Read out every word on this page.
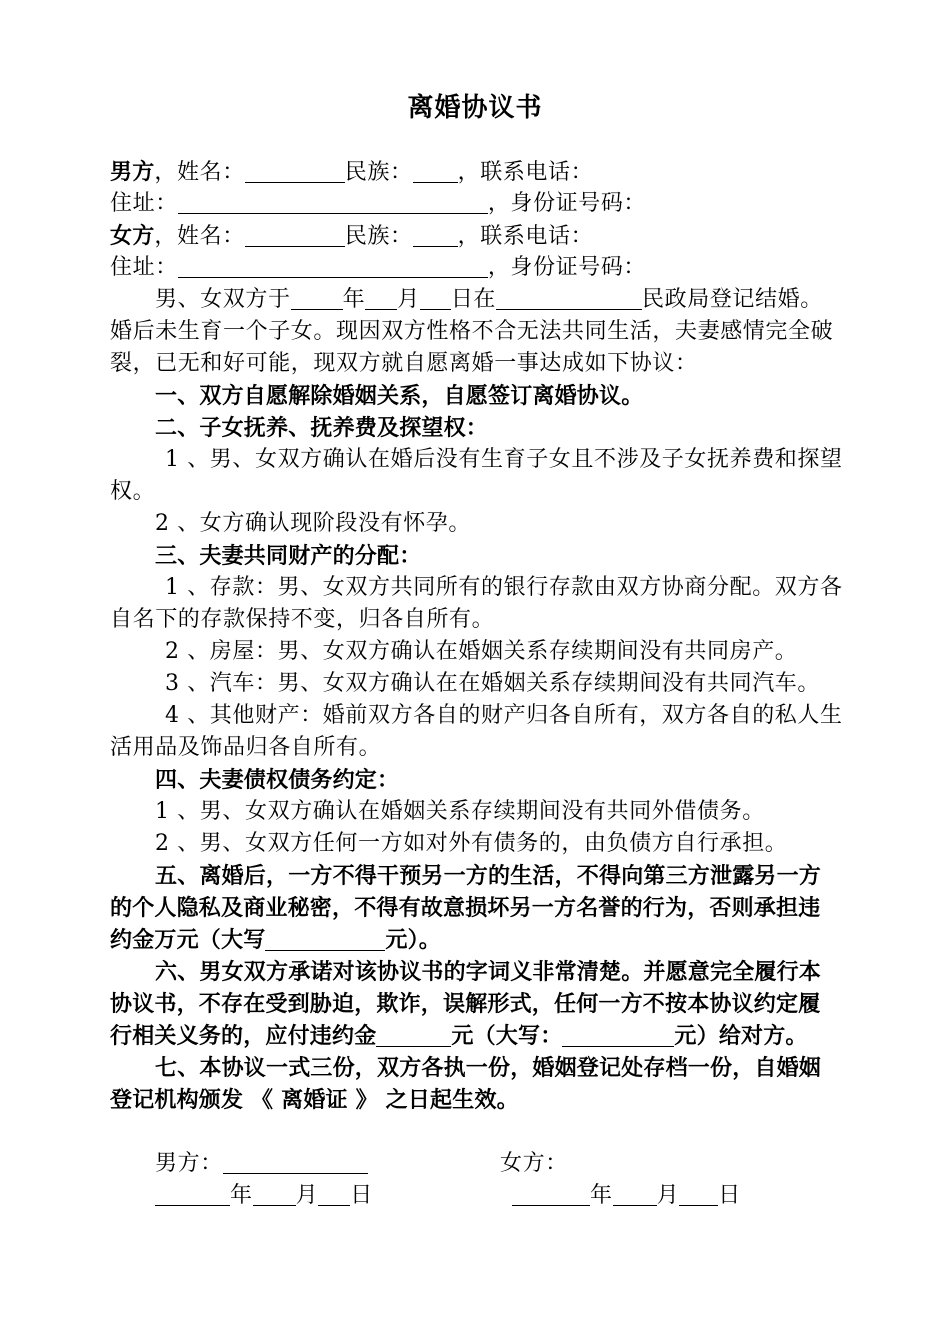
离婚协议书
男方，姓名：	民族： ，联系电话：
住址：	，身份证号码：
女方，姓名：	民族： ，联系电话：
住址：	，身份证号码：
男、女双方于 年 月 日在	民政局登记结婚。
婚后未生育一个子女。现因双方性格不合无法共同生活，夫妻感情完全破
裂，已无和好可能，现双方就自愿离婚一事达成如下协议：
一、双方自愿解除婚姻关系，自愿签订离婚协议。
二、子女抚养、抚养费及探望权：
1 、男、女双方确认在婚后没有生育子女且不涉及子女抚养费和探望
权。
2 、女方确认现阶段没有怀孕。
三、夫妻共同财产的分配：
1 、存款：男、女双方共同所有的银行存款由双方协商分配。双方各
自名下的存款保持不变，归各自所有。
2 、房屋：男、女双方确认在婚姻关系存续期间没有共同房产。
3 、汽车：男、女双方确认在在婚姻关系存续期间没有共同汽车。
4 、其他财产：婚前双方各自的财产归各自所有，双方各自的私人生
活用品及饰品归各自所有。
四、夫妻债权债务约定：
1 、男、女双方确认在婚姻关系存续期间没有共同外借债务。
2 、男、女双方任何一方如对外有债务的，由负债方自行承担。
五、离婚后，一方不得干预另一方的生活，不得向第三方泄露另一方
的个人隐私及商业秘密，不得有故意损坏另一方名誉的行为，否则承担违
约金万元（大写	元）。
六、男女双方承诺对该协议书的字词义非常清楚。并愿意完全履行本
协议书，不存在受到胁迫，欺诈，误解形式，任何一方不按本协议约定履
行相关义务的，应付违约金	元（大写：	元）给对方。
七、本协议一式三份，双方各执一份，婚姻登记处存档一份，自婚姻
登记机构颁发 《 离婚证 》 之日起生效。
男方：	女方：
年 月 日	年 月 日
